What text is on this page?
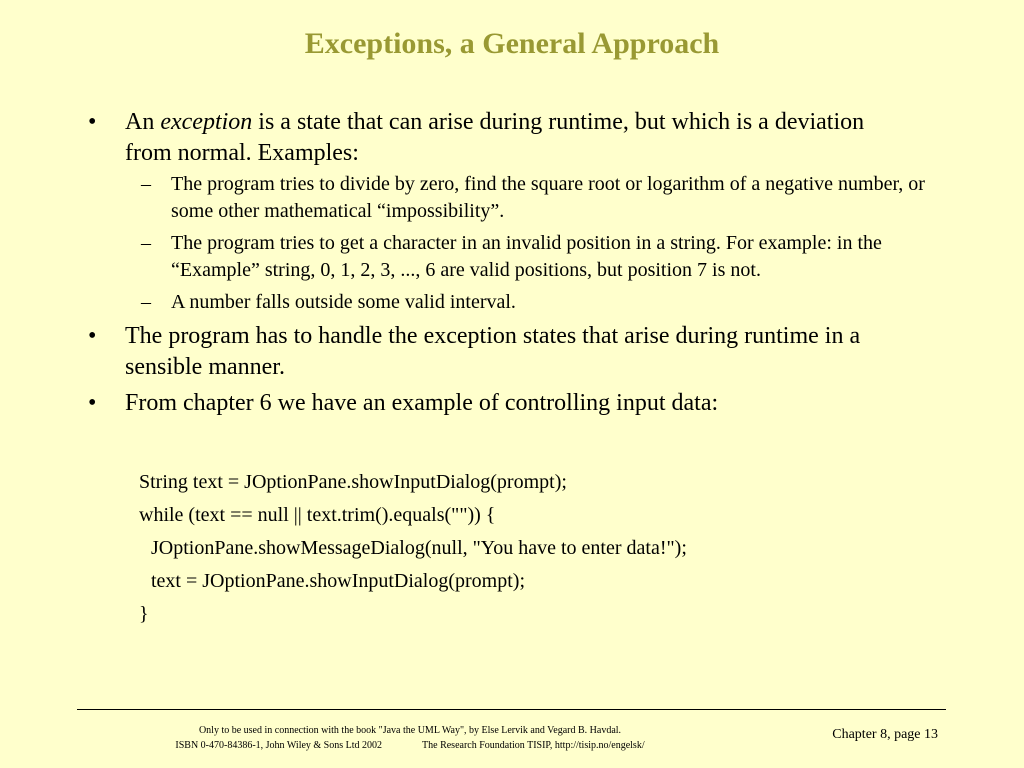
Exceptions, a General Approach
• An exception is a state that can arise during runtime, but which is a deviation from normal. Examples:
– The program tries to divide by zero, find the square root or logarithm of a negative number, or some other mathematical “impossibility”.
– The program tries to get a character in an invalid position in a string. For example: in the “Example” string, 0, 1, 2, 3, ..., 6 are valid positions, but position 7 is not.
– A number falls outside some valid interval.
• The program has to handle the exception states that arise during runtime in a sensible manner.
• From chapter 6 we have an example of controlling input data:
String text = JOptionPane.showInputDialog(prompt);
while (text == null || text.trim().equals("")) {
JOptionPane.showMessageDialog(null, "You have to enter data!");
text = JOptionPane.showInputDialog(prompt);
}
Only to be used in connection with the book "Java the UML Way", by Else Lervik and Vegard B. Havdal.
ISBN 0-470-84386-1, John Wiley & Sons Ltd 2002	The Research Foundation TISIP, http://tisip.no/engelsk/
Chapter 8, page 13
